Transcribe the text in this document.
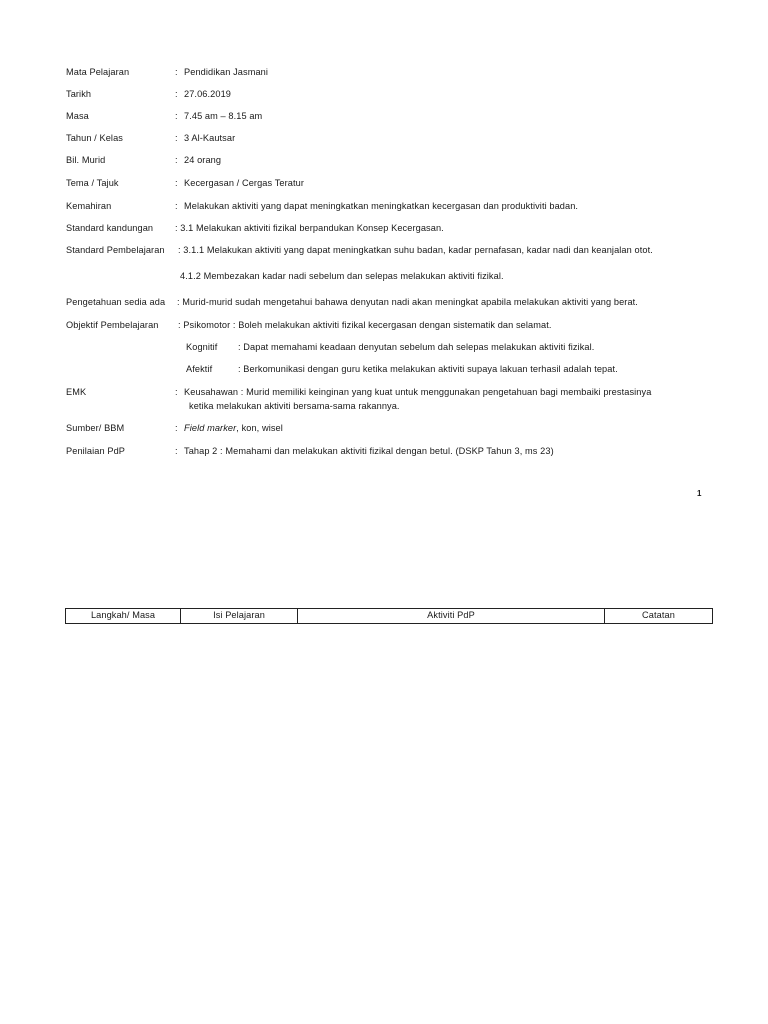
Mata Pelajaran	: Pendidikan Jasmani
Tarikh	: 27.06.2019
Masa	: 7.45 am – 8.15 am
Tahun / Kelas	: 3 Al-Kautsar
Bil. Murid	: 24 orang
Tema / Tajuk	: Kecergasan / Cergas Teratur
Kemahiran	: Melakukan aktiviti yang dapat meningkatkan meningkatkan kecergasan dan produktiviti badan.
Standard kandungan : 3.1 Melakukan aktiviti fizikal berpandukan Konsep Kecergasan.
Standard Pembelajaran : 3.1.1 Melakukan aktiviti yang dapat meningkatkan suhu badan, kadar pernafasan, kadar nadi dan keanjalan otot.
4.1.2 Membezakan kadar nadi sebelum dan selepas melakukan aktiviti fizikal.
Pengetahuan sedia ada : Murid-murid sudah mengetahui bahawa denyutan nadi akan meningkat apabila melakukan aktiviti yang berat.
Objektif Pembelajaran : Psikomotor : Boleh melakukan aktiviti fizikal kecergasan dengan sistematik dan selamat.
Kognitif : Dapat memahami keadaan denyutan sebelum dah selepas melakukan aktiviti fizikal.
Afektif	: Berkomunikasi dengan guru ketika melakukan aktiviti supaya lakuan terhasil adalah tepat.
EMK	: Keusahawan : Murid memiliki keinginan yang kuat untuk menggunakan pengetahuan bagi membaiki prestasinya
ketika melakukan aktiviti bersama-sama rakannya.
Sumber/ BBM	: Field marker, kon, wisel
Penilaian PdP	: Tahap 2 : Memahami dan melakukan aktiviti fizikal dengan betul. (DSKP Tahun 3, ms 23)
1
Langkah/ Masa	Isi Pelajaran	Aktiviti PdP	Catatan
